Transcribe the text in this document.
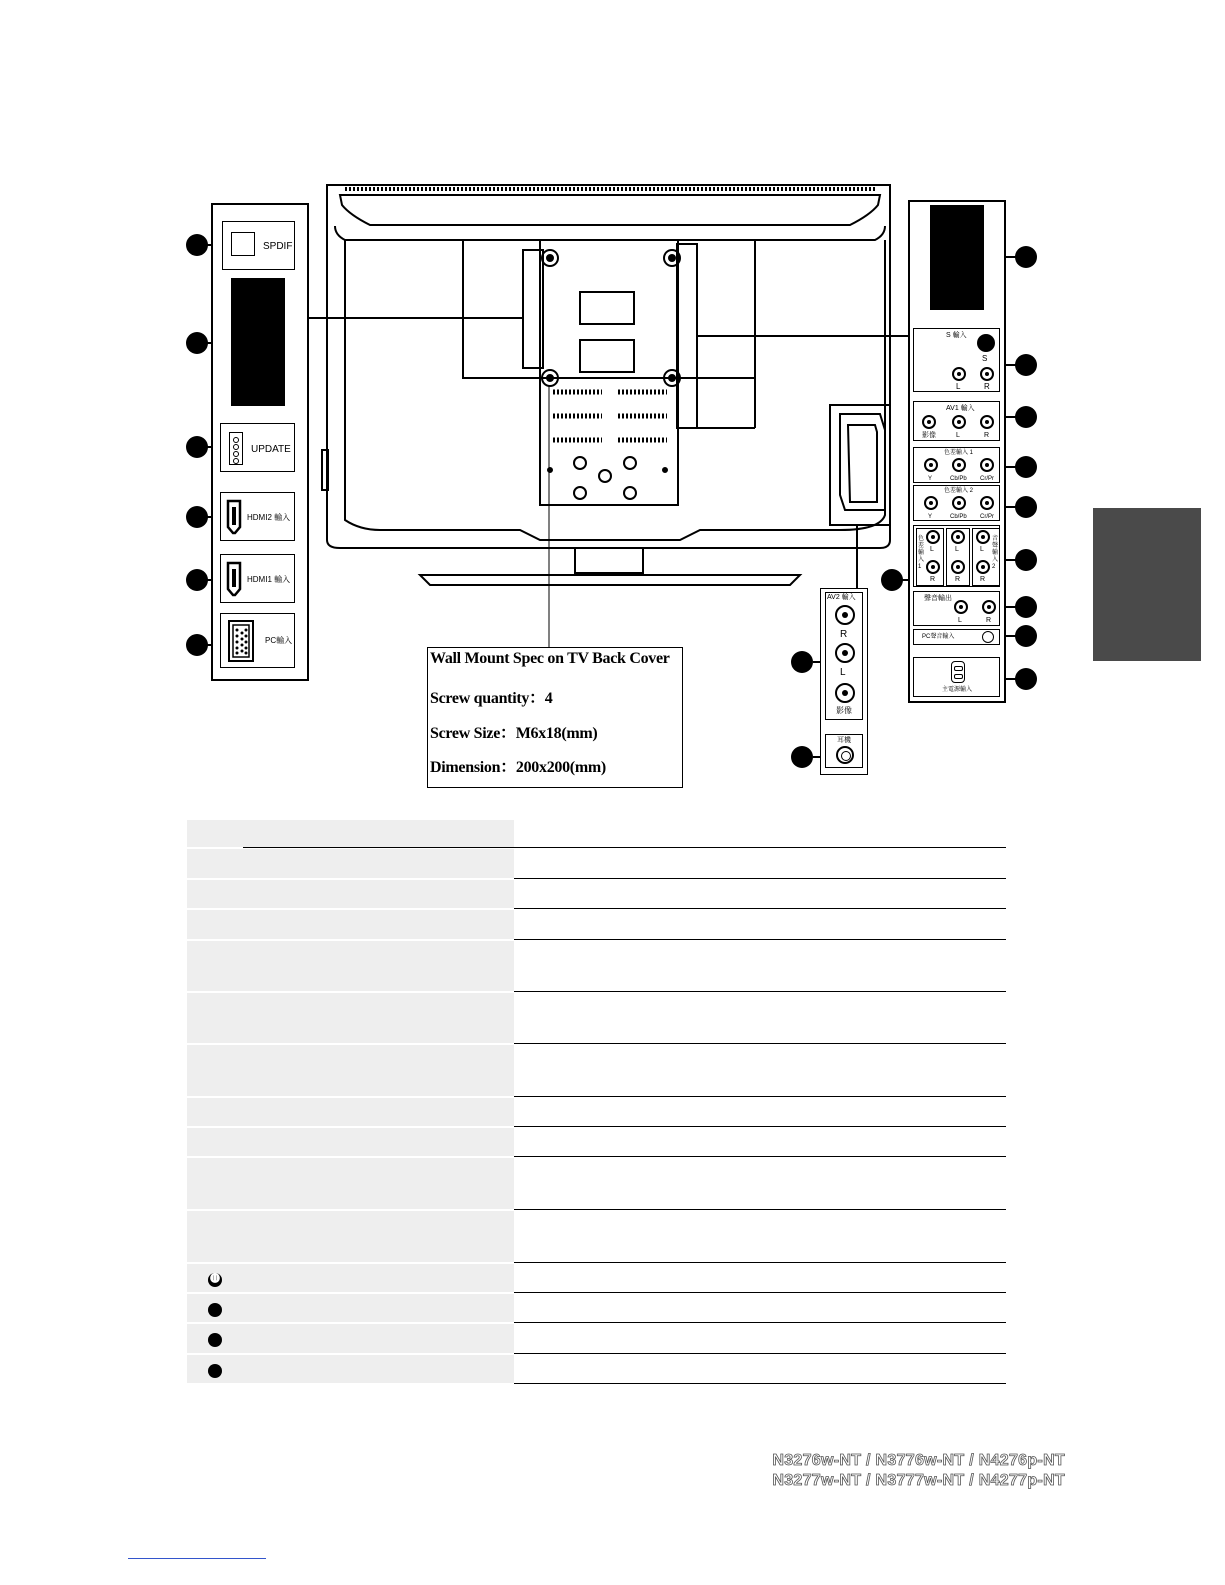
SPDIF
UPDATE
HDMI2 輸入
HDMI1 輸入
PC輸入
S 輸入
S
L	R
AV1 輸入
影像	L	R
色差輸入 1
Y	Cb/Pb Cr/Pr
色差輸入 2
Y	Cb/Pb Cr/Pr
色差輸入1
L
R
L
R
L
R
音聲輸入2
聲音輸出
L	R
PC聲音輸入
主電源輸入
AV2 輸入
R
L
影像
耳機
Wall Mount Spec on TV Back Cover
Screw quantity：4
Screw Size：M6x18(mm)
Dimension：200x200(mm)
⓫
N3276w-NT / N3776w-NT / N4276p-NT
N3277w-NT / N3777w-NT / N4277p-NT
